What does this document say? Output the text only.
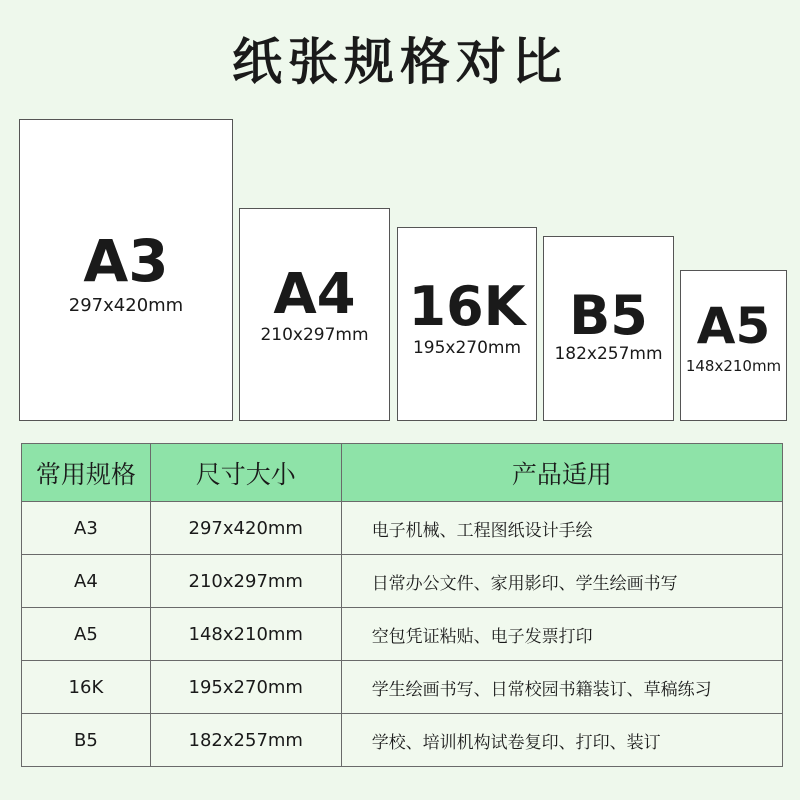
纸张规格对比
A3
297x420mm	A4
210x297mm 16K
195x270mm
B5
182x257mm A5
148x210mm
常用规格	尺寸大小	产品适用
A3	297x420mm	电子机械、工程图纸设计手绘
A4	210x297mm	日常办公文件、家用影印、学生绘画书写
A5	148x210mm	空包凭证粘贴、电子发票打印
16K	195x270mm	学生绘画书写、日常校园书籍装订、草稿练习
B5	182x257mm	学校、培训机构试卷复印、打印、装订
